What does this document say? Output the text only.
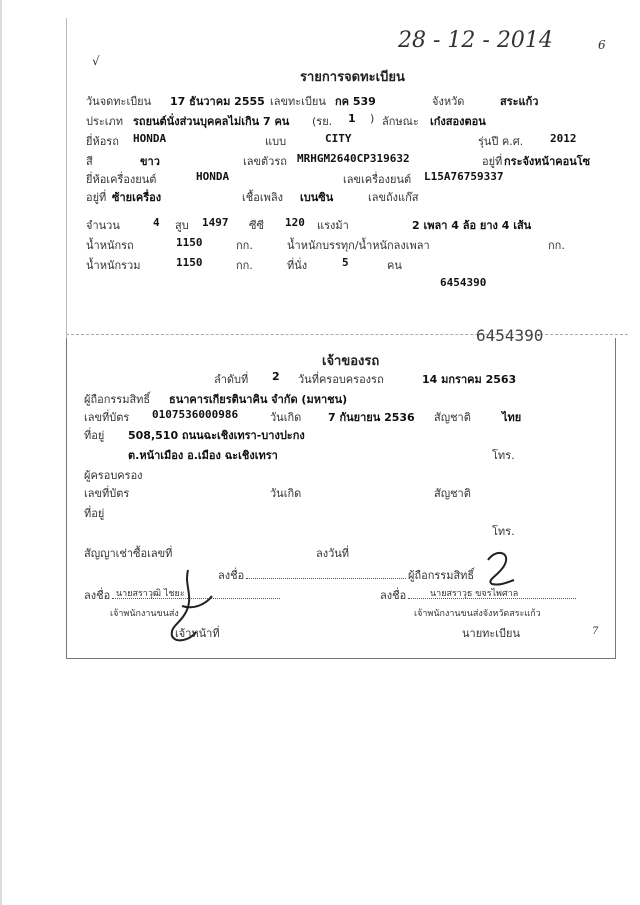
28 - 12 - 2014	6
√
รายการจดทะเบียน
วันจดทะเบียน 17 ธันวาคม 2555 เลขทะเบียน กค 539	จังหวัด	สระแก้ว
ประเภท รถยนต์นั่งส่วนบุคคลไม่เกิน 7 คน (รย. 1 ) ลักษณะ เก๋งสองตอน
ยี่ห้อรถ HONDA	แบบ	CITY	รุ่นปี ค.ศ. 2012
สี	ขาว	เลขตัวรถ MRHGM2640CP319632	อยู่ที่ กระจังหน้าคอนโซ
ยี่ห้อเครื่องยนต์	HONDA	เลขเครื่องยนต์ L15A76759337
อยู่ที่ ซ้ายเครื่อง	เชื้อเพลิง เบนซิน	เลขถังแก๊ส
จำนวน	4 สูบ 1497 ซีซี 120 แรงม้า	2 เพลา 4 ล้อ ยาง 4 เส้น
น้ำหนักรถ	1150	กก.	น้ำหนักบรรทุก/น้ำหนักลงเพลา	กก.
น้ำหนักรวม	1150	กก.	ที่นั่ง	5	คน
6454390
6454390
เจ้าของรถ
ลำดับที่ 2 วันที่ครอบครองรถ	14 มกราคม 2563
ผู้ถือกรรมสิทธิ์ ธนาคารเกียรตินาคิน จำกัด (มหาชน)
เลขที่บัตร 0107536000986	วันเกิด 7 กันยายน 2536 สัญชาติ	ไทย
ที่อยู่ 508,510 ถนนฉะเชิงเทรา-บางปะกง
ต.หน้าเมือง อ.เมือง ฉะเชิงเทรา	โทร.
ผู้ครอบครอง
เลขที่บัตร	วันเกิด	สัญชาติ
ที่อยู่
โทร.
สัญญาเช่าซื้อเลขที่	ลงวันที่
ลงชื่อ	ผู้ถือกรรมสิทธิ์
ลงชื่อ นายสราวุฒิ ไชยะ
เจ้าพนักงานขนส่ง
เจ้าหน้าที่
ลงชื่อ	นายสราวุธ ขจรไพศาล
เจ้าพนักงานขนส่งจังหวัดสระแก้ว
นายทะเบียน	7
